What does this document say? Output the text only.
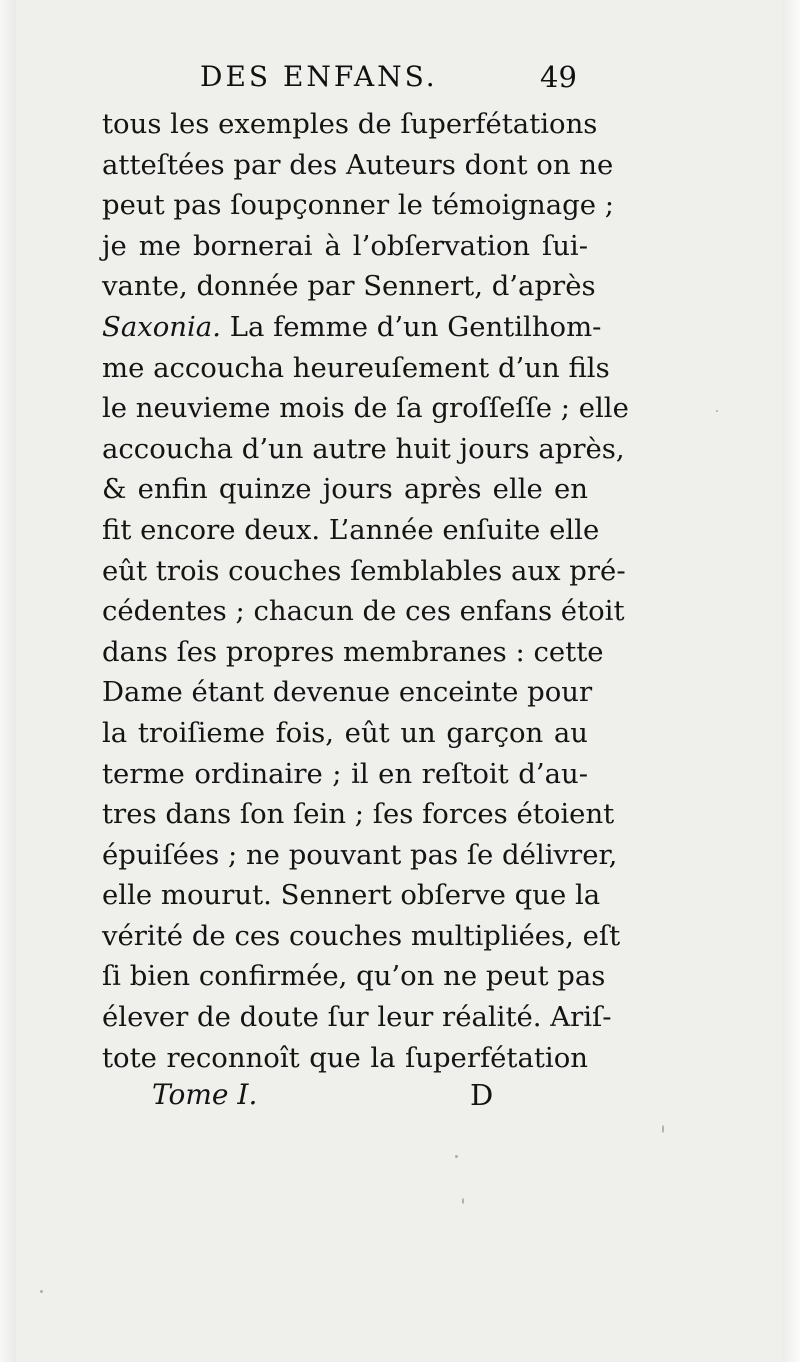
DES ENFANS.	49
tous les exemples de ſuperfétations
atteſtées par des Auteurs dont on ne
peut pas ſoupçonner le témoignage ;
je me bornerai à l’obſervation ſui-
vante, donnée par Sennert, d’après
Saxonia. La femme d’un Gentilhom-
me accoucha heureuſement d’un fils
le neuvieme mois de ſa groſſeſſe ; elle
accoucha d’un autre huit jours après,
& enfin quinze jours après elle en
fit encore deux. L’année enſuite elle
eût trois couches ſemblables aux pré-
cédentes ; chacun de ces enfans étoit
dans ſes propres membranes : cette
Dame étant devenue enceinte pour
la troiſieme fois, eût un garçon au
terme ordinaire ; il en reſtoit d’au-
tres dans ſon ſein ; ſes forces étoient
épuiſées ; ne pouvant pas ſe délivrer,
elle mourut. Sennert obſerve que la
vérité de ces couches multipliées, eſt
ſi bien confirmée, qu’on ne peut pas
élever de doute ſur leur réalité. Ariſ-
tote reconnoît que la ſuperfétation
Tome I.	D
